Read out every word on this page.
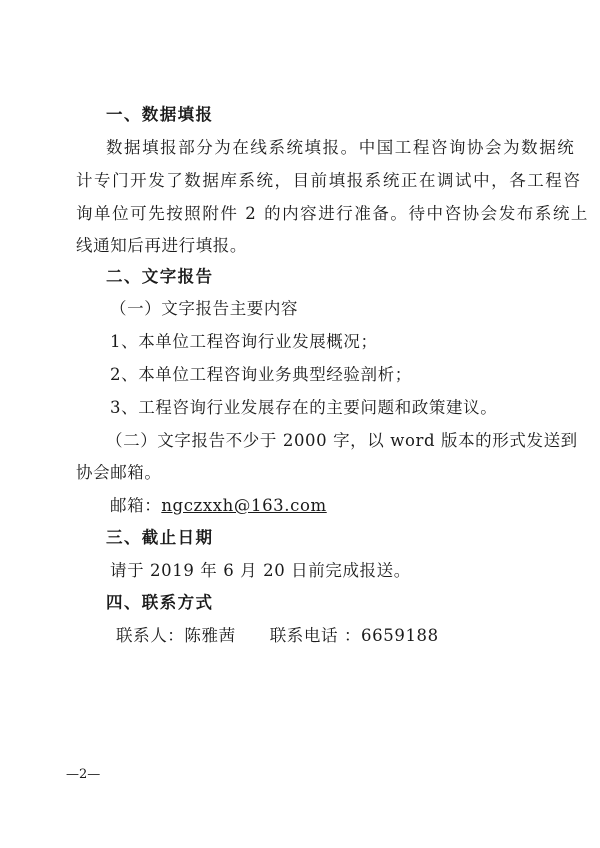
一、数据填报
数据填报部分为在线系统填报。中国工程咨询协会为数据统
计专门开发了数据库系统，目前填报系统正在调试中，各工程咨
询单位可先按照附件 2 的内容进行准备。待中咨协会发布系统上
线通知后再进行填报。
二、文字报告
（一）文字报告主要内容
1、本单位工程咨询行业发展概况；
2、本单位工程咨询业务典型经验剖析；
3、工程咨询行业发展存在的主要问题和政策建议。
（二）文字报告不少于 2000 字，以 word 版本的形式发送到
协会邮箱。
邮箱：ngczxxh@163.com
三、截止日期
请于 2019 年 6 月 20 日前完成报送。
四、联系方式
联系人：陈雅茜 联系电话 ：6659188
—2—
